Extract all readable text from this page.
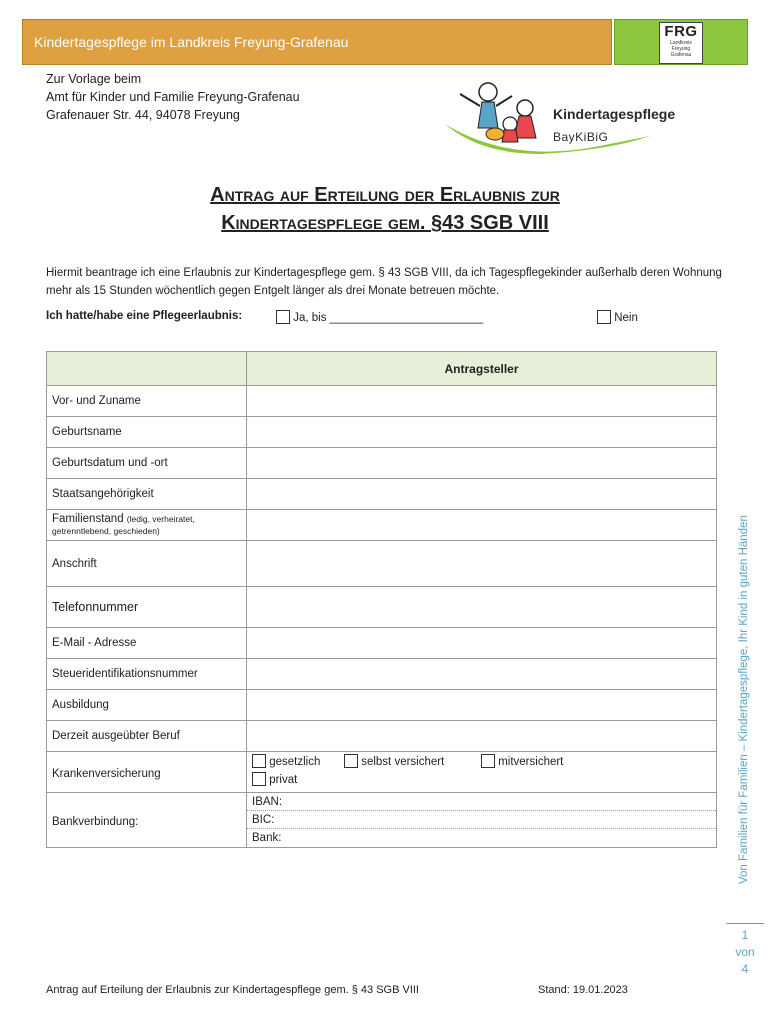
Kindertagespflege im Landkreis Freyung-Grafenau
FRG
Landkreis
Freyung
Grafenau
Zur Vorlage beim
Amt für Kinder und Familie Freyung-Grafenau
Grafenauer Str. 44, 94078 Freyung	Kindertagespflege
BayKiBiG
Antrag auf Erteilung der Erlaubnis zur
Kindertagespflege gem. §43 SGB VIII
Hiermit beantrage ich eine Erlaubnis zur Kindertagespflege gem. § 43 SGB VIII, da ich Tagespflegekinder außerhalb deren Wohnung mehr als 15 Stunden wöchentlich gegen Entgelt länger als drei Monate betreuen möchte.
Ich hatte/habe eine Pflegeerlaubnis:	Ja, bis ________________________	Nein
	Antragsteller
Vor- und Zuname	
Geburtsname	
Geburtsdatum und -ort	
Staatsangehörigkeit	
Familienstand (ledig, verheiratet,
getrenntlebend, geschieden)	
Anschrift	
Telefonnummer	
E-Mail - Adresse	
Steueridentifikationsnummer	
Ausbildung	
Derzeit ausgeübter Beruf	
Krankenversicherung	gesetzlich selbst versichert mitversichert
privat

Bankverbindung:	IBAN:
BIC:
Bank:	Von Familien für Familien – Kindertagespflege, Ihr Kind in guten Händen
1
von
4
Antrag auf Erteilung der Erlaubnis zur Kindertagespflege gem. § 43 SGB VIII	Stand: 19.01.2023
